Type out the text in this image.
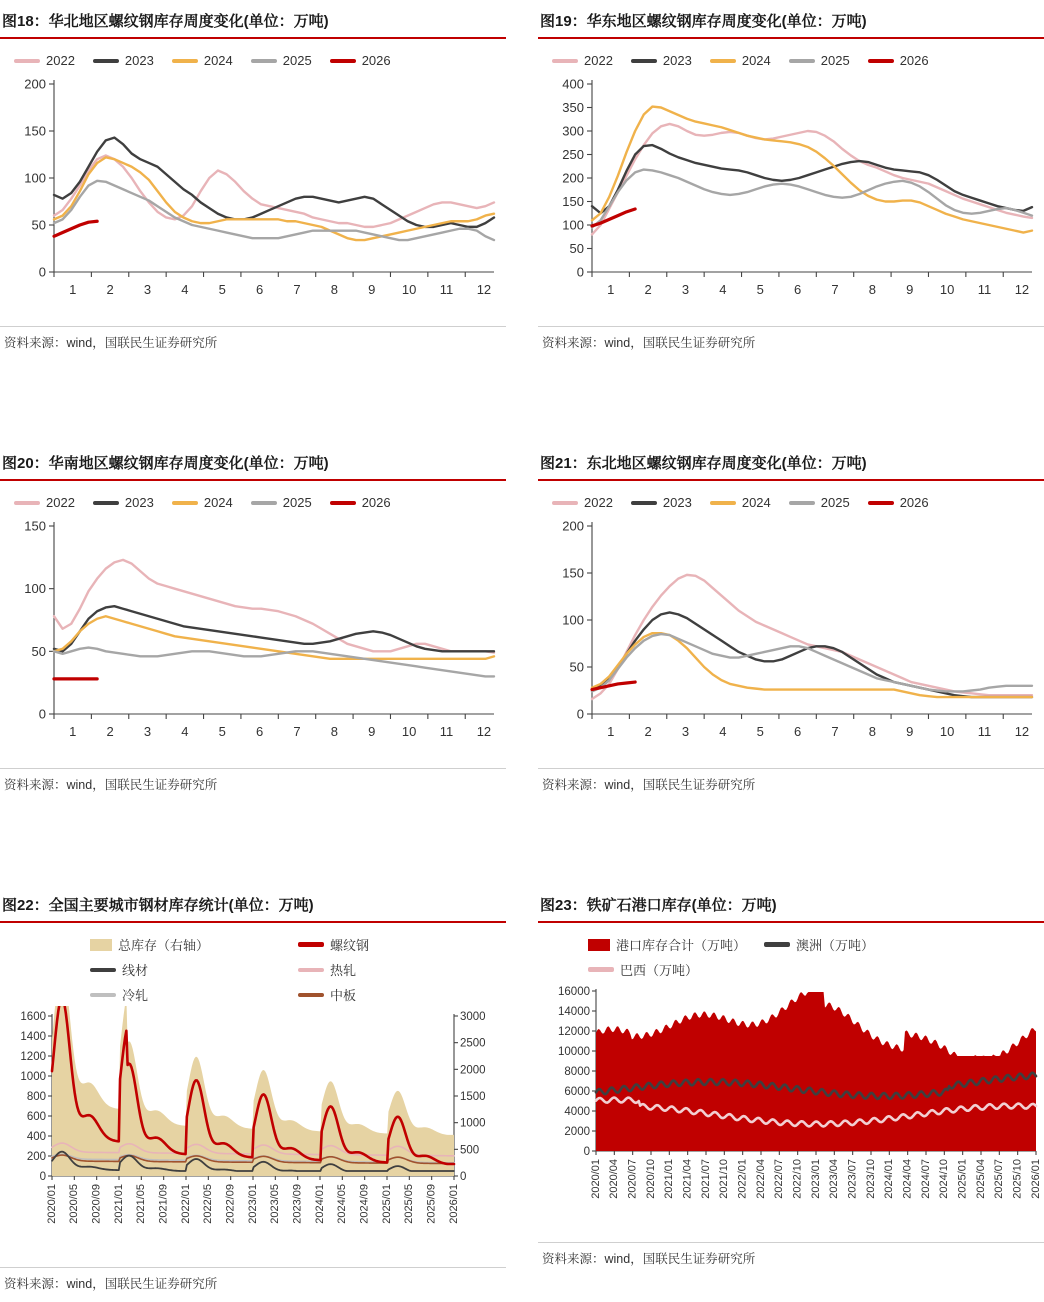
图18：华北地区螺纹钢库存周度变化(单位：万吨)
2022	2023	2024	2025	2026
0
50
100
150
200
1 2 3 4 5 6 7 8 9 10 11 12
资料来源：wind，国联民生证券研究所
图19：华东地区螺纹钢库存周度变化(单位：万吨)
2022	2023	2024	2025	2026
0
50
100
150
200
250
300
350
400
1 2 3 4 5 6 7 8 9 10 11 12
资料来源：wind，国联民生证券研究所
图20：华南地区螺纹钢库存周度变化(单位：万吨)
2022	2023	2024	2025	2026
0
50
100
150
1 2 3 4 5 6 7 8 9 10 11 12
资料来源：wind，国联民生证券研究所
图21：东北地区螺纹钢库存周度变化(单位：万吨)
2022	2023	2024	2025	2026
0
50
100
150
200
1 2 3 4 5 6 7 8 9 10 11 12
资料来源：wind，国联民生证券研究所
图22：全国主要城市钢材库存统计(单位：万吨)
总库存（右轴）	螺纹钢
线材	热轧
冷轧	中板
0
200
400
600
800
1000
1200
1400
1600
0
500
1000
1500
2000
2500
3000
2020/01 2020/05 2020/09 2021/01 2021/05 2021/09 2022/01 2022/05 2022/09 2023/01 2023/05 2023/09 2024/01 2024/05 2024/09 2025/01 2025/05 2025/09 2026/01
资料来源：wind，国联民生证券研究所
图23：铁矿石港口库存(单位：万吨)
港口库存合计（万吨）	澳洲（万吨）
巴西（万吨）
0
2000
4000
6000
8000
10000
12000
14000
16000
2020/01 2020/04 2020/07 2020/10 2021/01 2021/04 2021/07 2021/10 2022/01 2022/04 2022/07 2022/10 2023/01 2023/04 2023/07 2023/10 2024/01 2024/04 2024/07 2024/10 2025/01 2025/04 2025/07 2025/10 2026/01
资料来源：wind，国联民生证券研究所
